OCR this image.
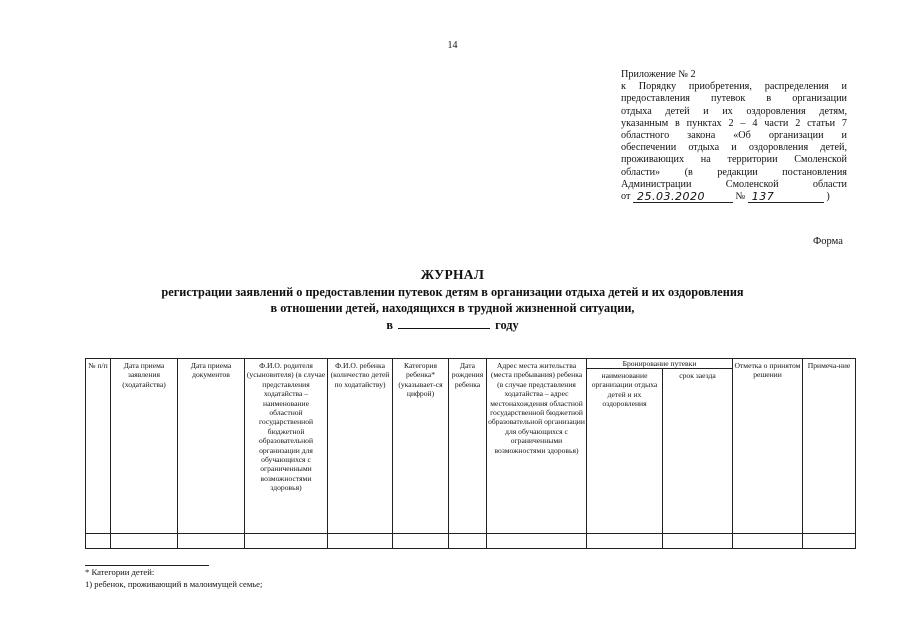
14
Приложение № 2
к Порядку приобретения, распределения и
предоставления путевок в организации
отдыха детей и их оздоровления детям,
указанным в пунктах 2 – 4 части 2 статьи 7
областного закона «Об организации и
обеспечении отдыха и оздоровления детей,
проживающих на территории Смоленской
области» (в редакции постановления
Администрации Смоленской области
от 25.03.2020	№ 137	)
Форма
ЖУРНАЛ
регистрации заявлений о предоставлении путевок детям в организации отдыха детей и их оздоровления
в отношении детей, находящихся в трудной жизненной ситуации,
в	году
№ п/п	Дата приема заявления (ходатайства)	Дата приема документов	Ф.И.О. родителя (усыновителя) (в случае представления ходатайства – наименование областной государственной бюджетной образовательной организации для обучающихся с ограниченными возможностями здоровья)	Ф.И.О. ребенка (количество детей по ходатайству)	Категория ребенка* (указывает-ся цифрой)	Дата рождения ребенка	Адрес места жительства (места пребывания) ребенка (в случае представления ходатайства – адрес местонахождения областной государственной бюджетной образовательной организации для обучающихся с ограниченными возможностями здоровья)	Бронирование путевки		Отметка о принятом решении	Примеча-ние
								наименование организации отдыха детей и их оздоровления	срок заезда		

* Категории детей:
1) ребенок, проживающий в малоимущей семье;
